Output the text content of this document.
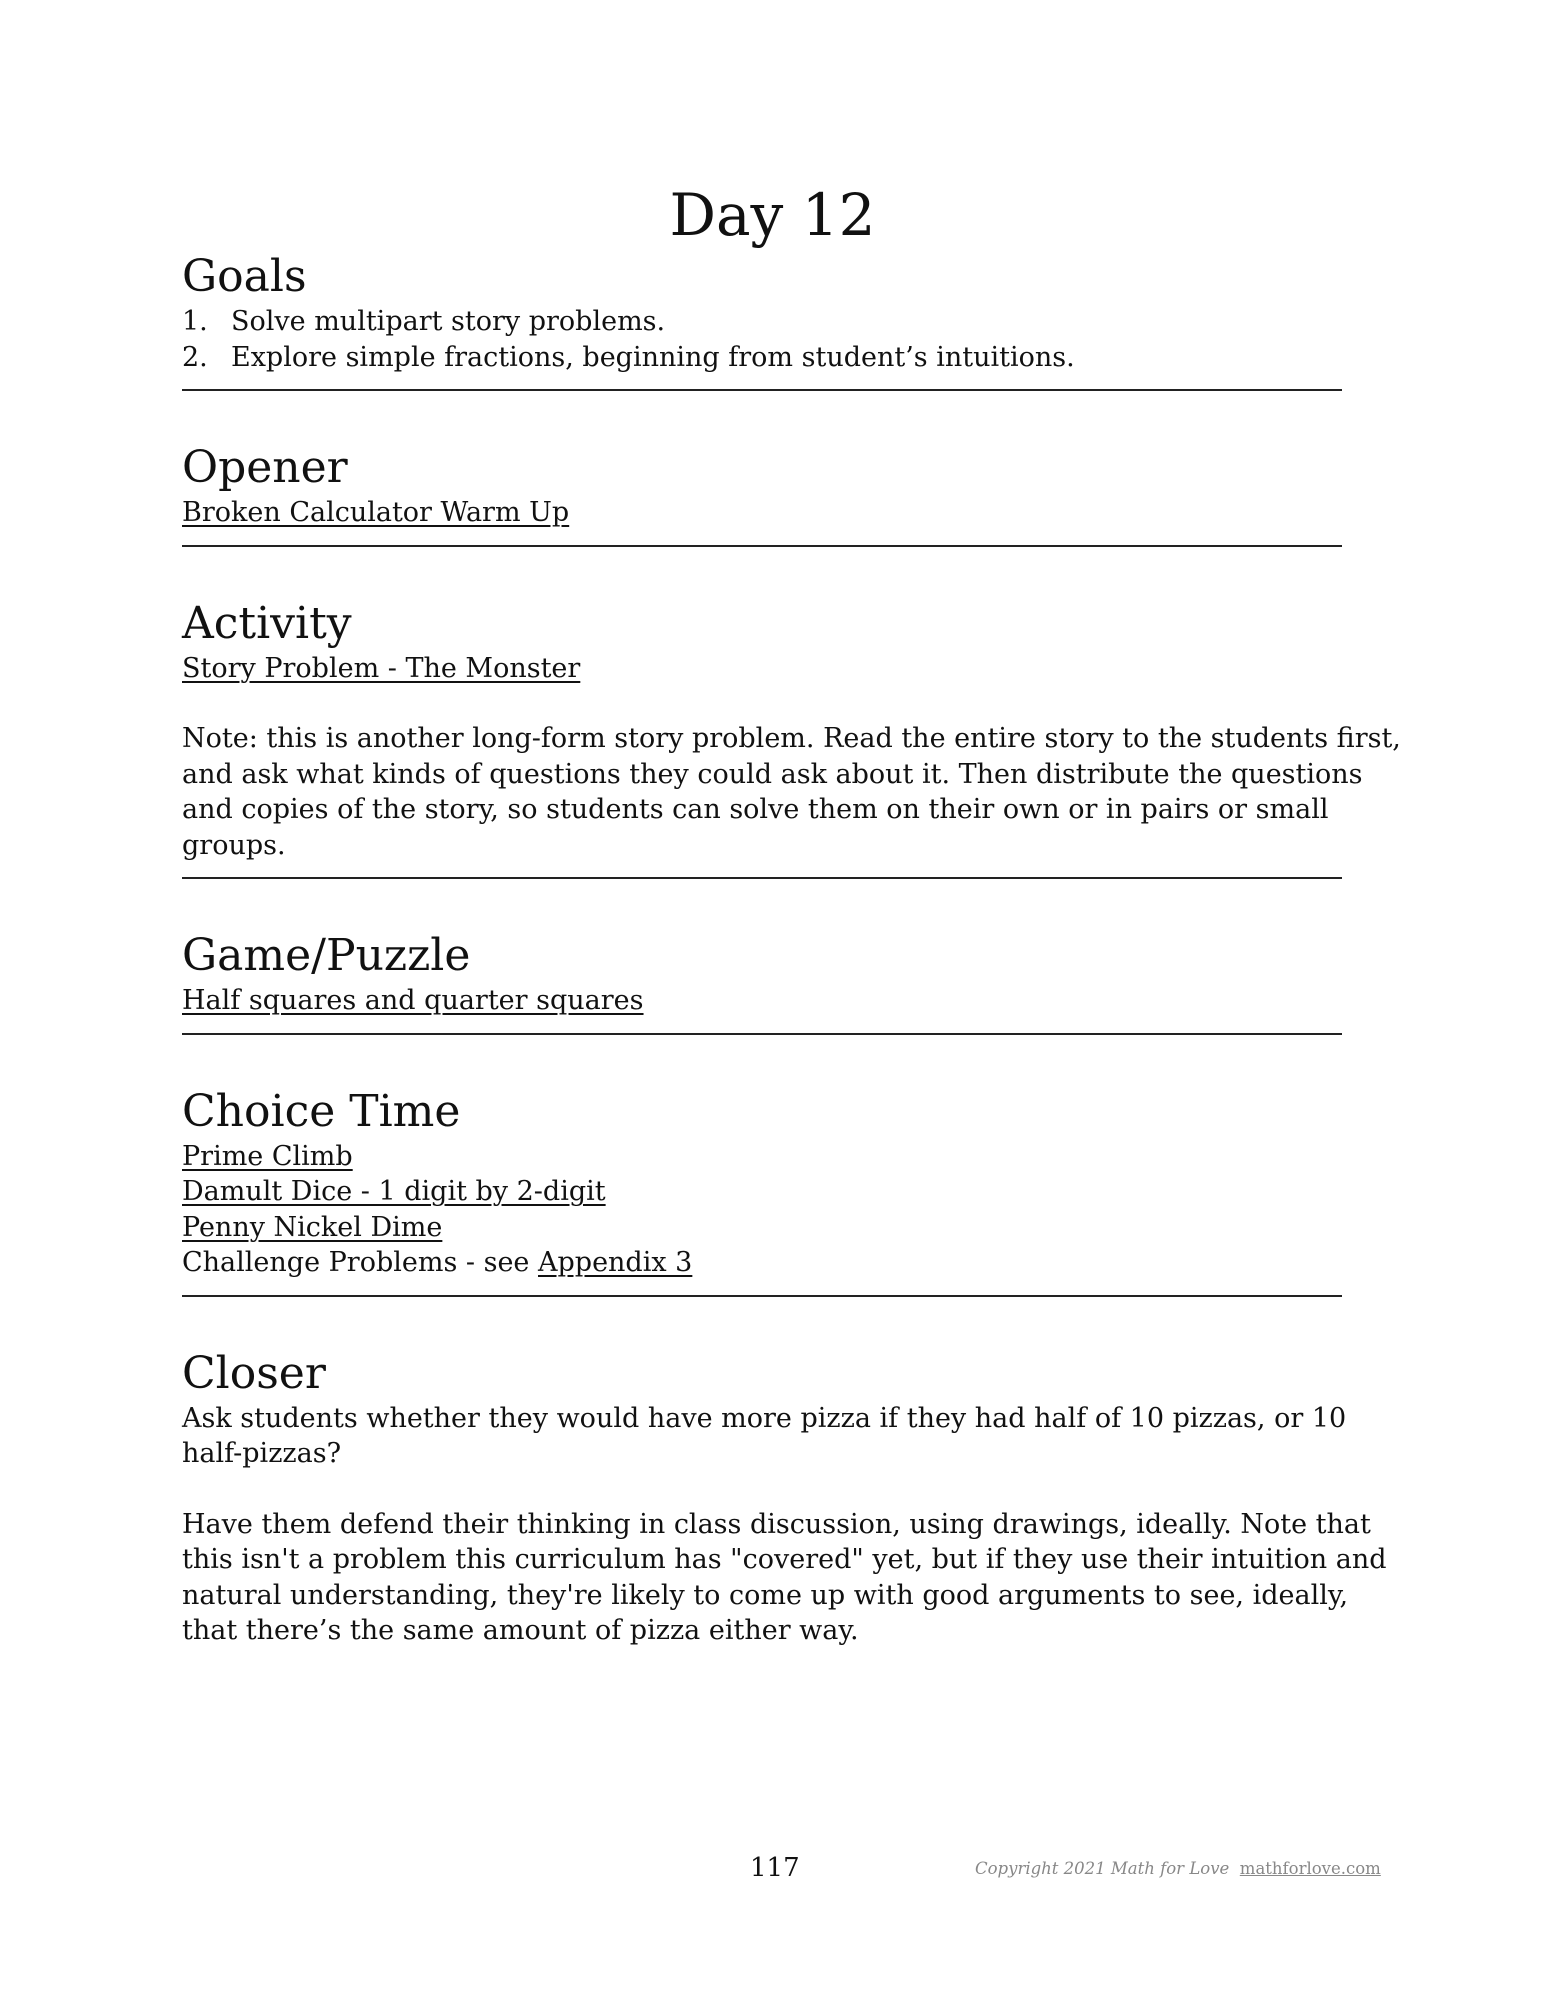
Day 12
Goals
1. Solve multipart story problems.
2. Explore simple fractions, beginning from student’s intuitions.
Opener
Broken Calculator Warm Up
Activity
Story Problem - The Monster
Note: this is another long-form story problem. Read the entire story to the students first,
and ask what kinds of questions they could ask about it. Then distribute the questions
and copies of the story, so students can solve them on their own or in pairs or small
groups.
Game/Puzzle
Half squares and quarter squares
Choice Time
Prime Climb
Damult Dice - 1 digit by 2-digit
Penny Nickel Dime
Challenge Problems - see Appendix 3
Closer
Ask students whether they would have more pizza if they had half of 10 pizzas, or 10
half-pizzas?
Have them defend their thinking in class discussion, using drawings, ideally. Note that
this isn't a problem this curriculum has "covered" yet, but if they use their intuition and
natural understanding, they're likely to come up with good arguments to see, ideally,
that there’s the same amount of pizza either way.
117	Copyright 2021 Math for Love mathforlove.com
